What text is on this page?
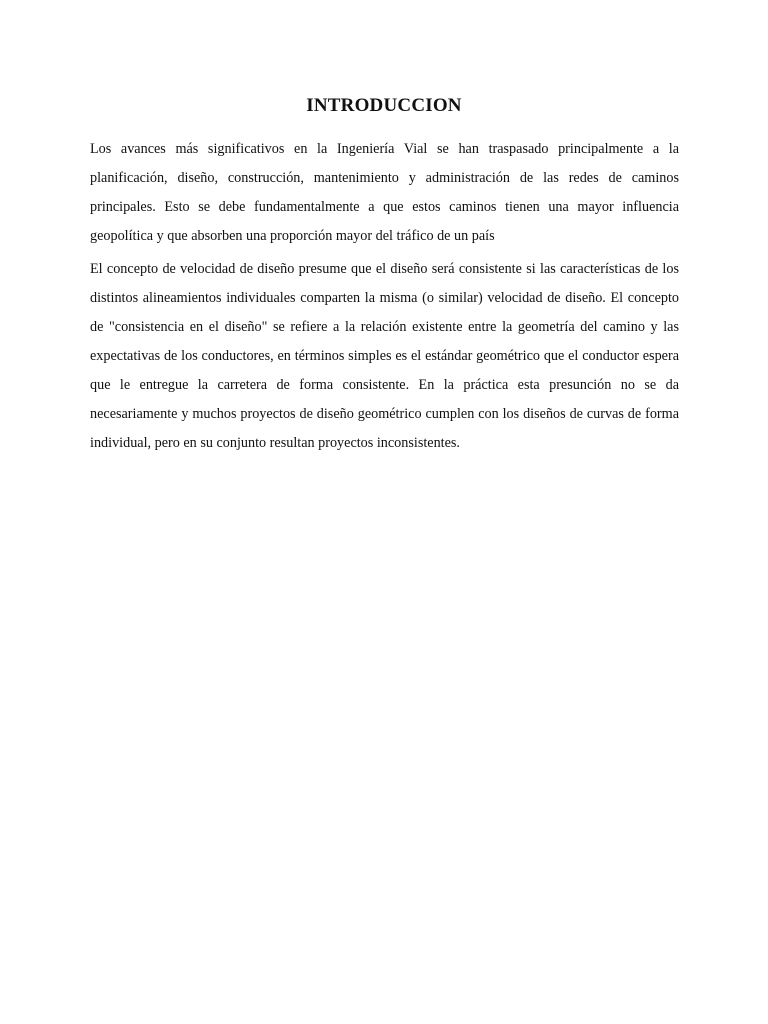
INTRODUCCION

Los avances más significativos en la Ingeniería Vial se han traspasado principalmente a la planificación, diseño, construcción, mantenimiento y administración de las redes de caminos principales. Esto se debe fundamentalmente a que estos caminos tienen una mayor influencia geopolítica y que absorben una proporción mayor del tráfico de un país

El concepto de velocidad de diseño presume que el diseño será consistente si las características de los distintos alineamientos individuales comparten la misma (o similar) velocidad de diseño. El concepto de "consistencia en el diseño" se refiere a la relación existente entre la geometría del camino y las expectativas de los conductores, en términos simples es el estándar geométrico que el conductor espera que le entregue la carretera de forma consistente. En la práctica esta presunción no se da necesariamente y muchos proyectos de diseño geométrico cumplen con los diseños de curvas de forma individual, pero en su conjunto resultan proyectos inconsistentes.
